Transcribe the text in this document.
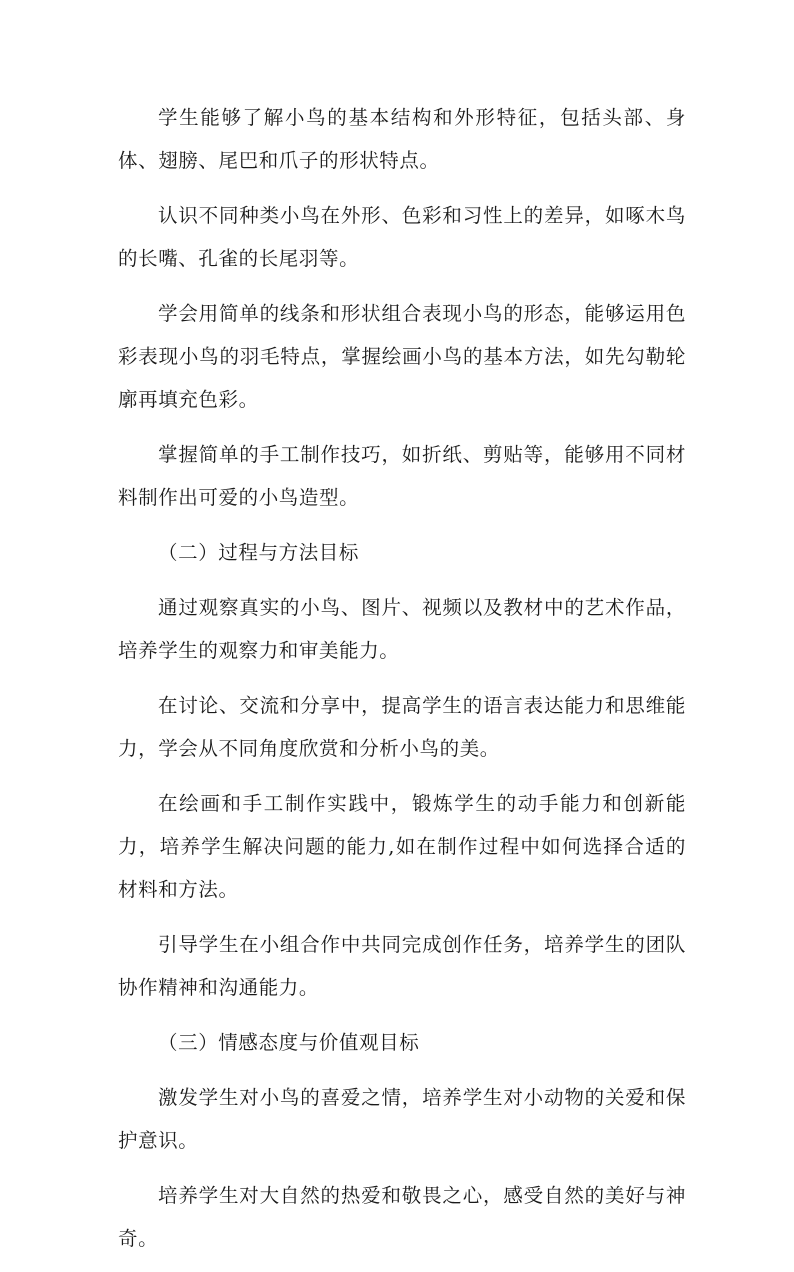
学生能够了解小鸟的基本结构和外形特征，包括头部、身体、翅膀、尾巴和爪子的形状特点。

认识不同种类小鸟在外形、色彩和习性上的差异，如啄木鸟的长嘴、孔雀的长尾羽等。

学会用简单的线条和形状组合表现小鸟的形态，能够运用色彩表现小鸟的羽毛特点，掌握绘画小鸟的基本方法，如先勾勒轮廓再填充色彩。

掌握简单的手工制作技巧，如折纸、剪贴等，能够用不同材料制作出可爱的小鸟造型。

（二）过程与方法目标

通过观察真实的小鸟、图片、视频以及教材中的艺术作品，培养学生的观察力和审美能力。

在讨论、交流和分享中，提高学生的语言表达能力和思维能力，学会从不同角度欣赏和分析小鸟的美。

在绘画和手工制作实践中，锻炼学生的动手能力和创新能力，培养学生解决问题的能力,如在制作过程中如何选择合适的材料和方法。

引导学生在小组合作中共同完成创作任务，培养学生的团队协作精神和沟通能力。

（三）情感态度与价值观目标

激发学生对小鸟的喜爱之情，培养学生对小动物的关爱和保护意识。

培养学生对大自然的热爱和敬畏之心，感受自然的美好与神奇。
